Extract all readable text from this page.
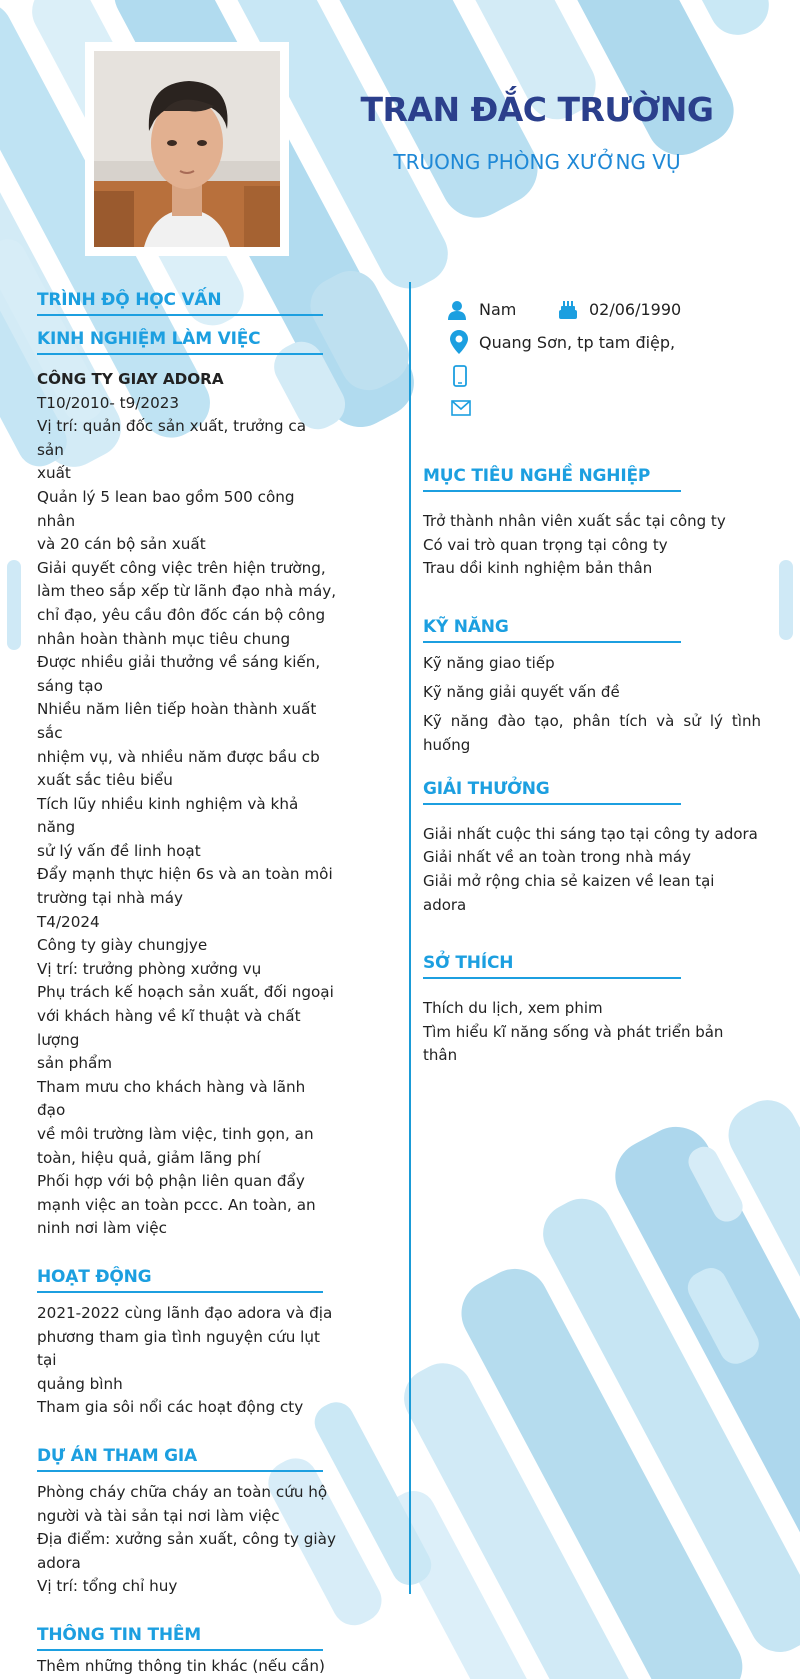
TRAN ĐẮC TRƯỜNG
TRUONG PHÒNG XƯỞNG VỤ
TRÌNH ĐỘ HỌC VẤN
KINH NGHIỆM LÀM VIỆC
CÔNG TY GIAY ADORA
T10/2010- t9/2023
Vị trí: quản đốc sản xuất, trưởng ca sản
xuất
Quản lý 5 lean bao gồm 500 công nhân
và 20 cán bộ sản xuất
Giải quyết công việc trên hiện trường,
làm theo sắp xếp từ lãnh đạo nhà máy,
chỉ đạo, yêu cầu đôn đốc cán bộ công
nhân hoàn thành mục tiêu chung
Được nhiều giải thưởng về sáng kiến,
sáng tạo
Nhiều năm liên tiếp hoàn thành xuất sắc
nhiệm vụ, và nhiều năm được bầu cb
xuất sắc tiêu biểu
Tích lũy nhiều kinh nghiệm và khả năng
sử lý vấn đề linh hoạt
Đẩy mạnh thực hiện 6s và an toàn môi
trường tại nhà máy
T4/2024
Công ty giày chungjye
Vị trí: trưởng phòng xưởng vụ
Phụ trách kế hoạch sản xuất, đối ngoại
với khách hàng về kĩ thuật và chất lượng
sản phẩm
Tham mưu cho khách hàng và lãnh đạo
về môi trường làm việc, tinh gọn, an
toàn, hiệu quả, giảm lãng phí
Phối hợp với bộ phận liên quan đẩy
mạnh việc an toàn pccc. An toàn, an
ninh nơi làm việc
HOẠT ĐỘNG
2021-2022 cùng lãnh đạo adora và địa
phương tham gia tình nguyện cứu lụt tại
quảng bình
Tham gia sôi nổi các hoạt động cty
DỰ ÁN THAM GIA
Phòng cháy chữa cháy an toàn cứu hộ
người và tài sản tại nơi làm việc
Địa điểm: xưởng sản xuất, công ty giày
adora
Vị trí: tổng chỉ huy
THÔNG TIN THÊM
Thêm những thông tin khác (nếu cần)
Nam	02/06/1990
Quang Sơn, tp tam điệp,
MỤC TIÊU NGHỀ NGHIỆP
Trở thành nhân viên xuất sắc tại công ty
Có vai trò quan trọng tại công ty
Trau dồi kinh nghiệm bản thân
KỸ NĂNG
Kỹ năng giao tiếp
Kỹ năng giải quyết vấn đề
Kỹ năng đào tạo, phân tích và sử lý tình huống
GIẢI THƯỞNG
Giải nhất cuộc thi sáng tạo tại công ty adora
Giải nhất về an toàn trong nhà máy
Giải mở rộng chia sẻ kaizen về lean tại adora
SỞ THÍCH
Thích du lịch, xem phim
Tìm hiểu kĩ năng sống và phát triển bản thân
